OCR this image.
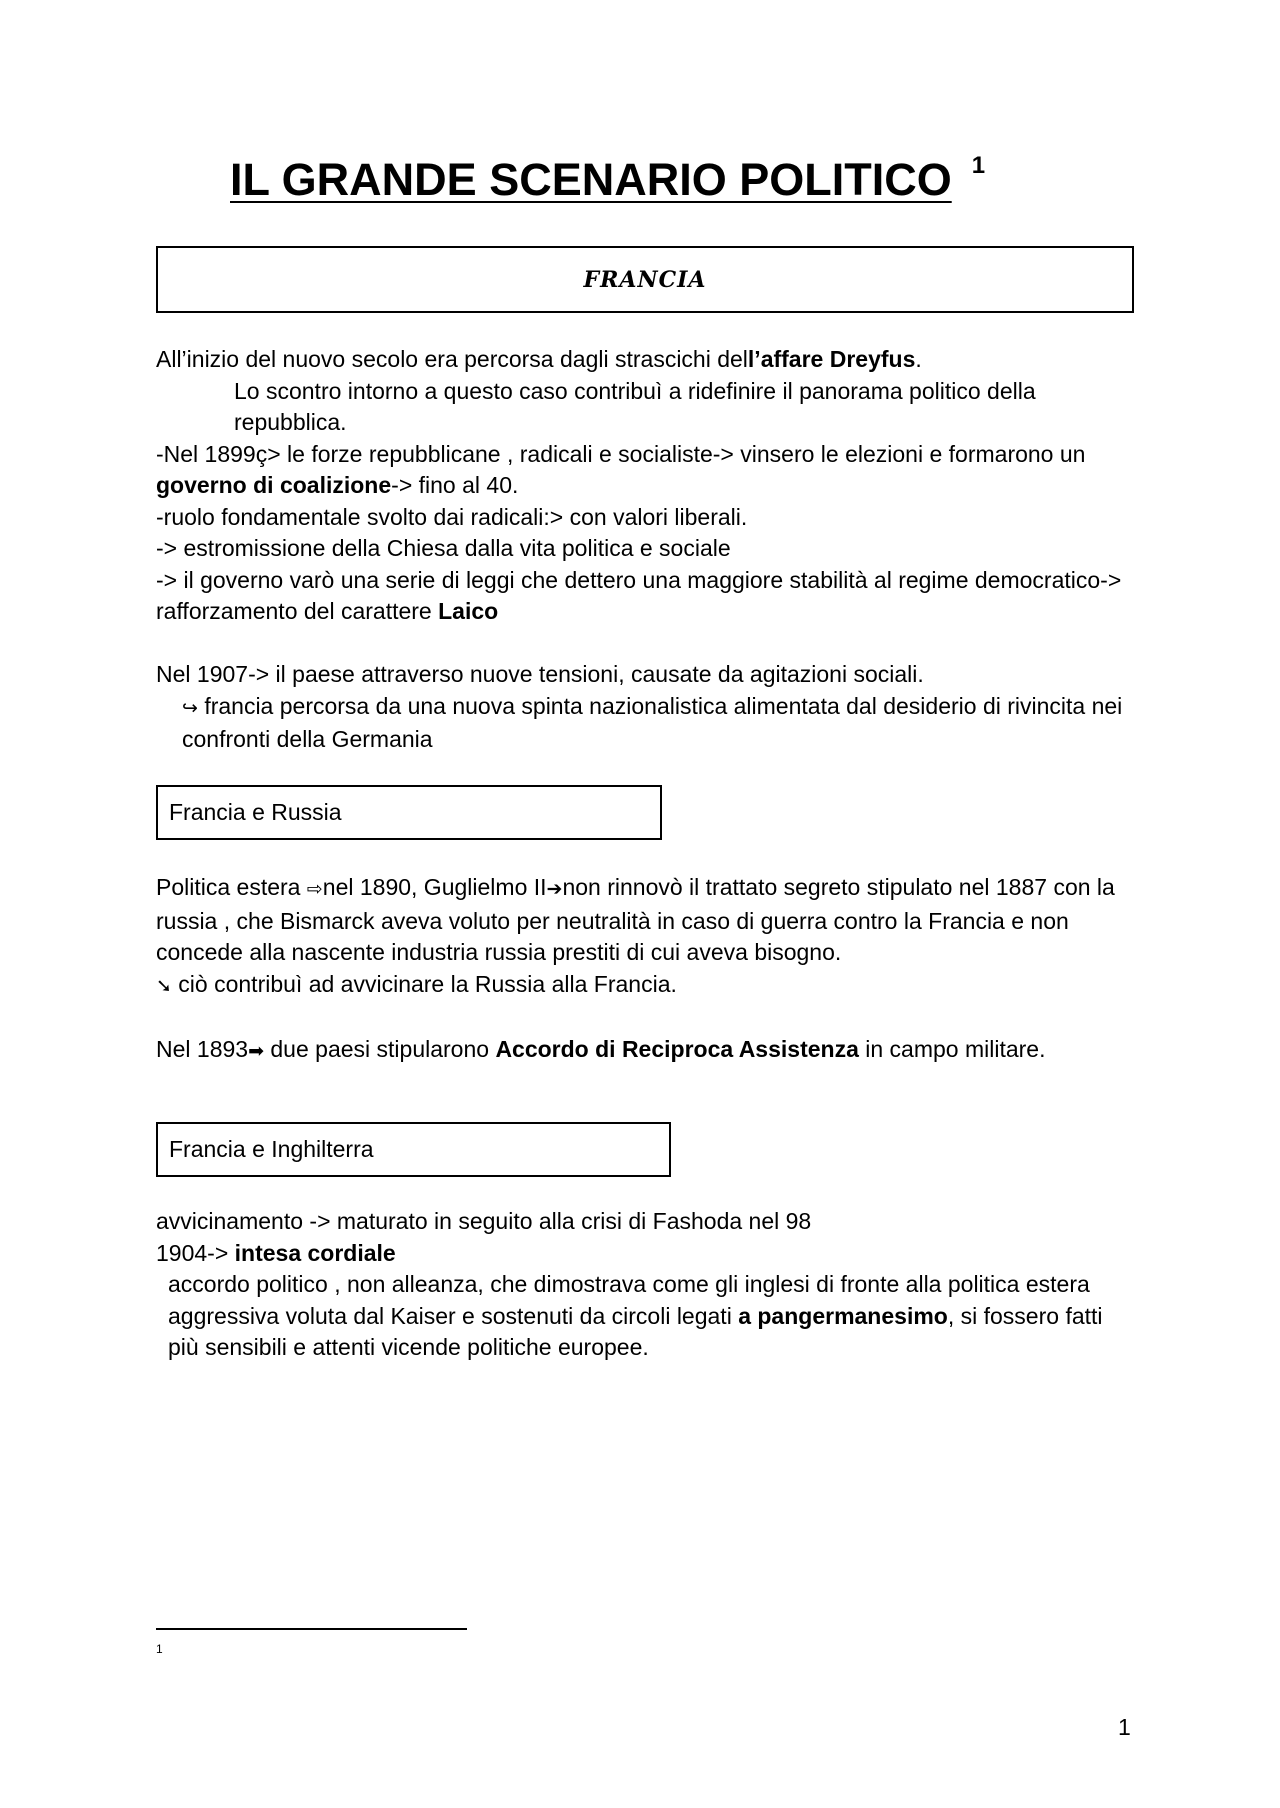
IL GRANDE SCENARIO POLITICO 1
FRANCIA

All’inizio del nuovo secolo era percorsa dagli strascichi dell’affare Dreyfus.

Lo scontro intorno a questo caso contribuì a ridefinire il panorama politico della repubblica.

-Nel 1899ç> le forze repubblicane , radicali e socialiste-> vinsero le elezioni e formarono un governo di coalizione-> fino al 40.

-ruolo fondamentale svolto dai radicali:> con valori liberali.

-> estromissione della Chiesa dalla vita politica e sociale

-> il governo varò una serie di leggi che dettero una maggiore stabilità al regime democratico-> rafforzamento del carattere Laico

Nel 1907-> il paese attraverso nuove tensioni, causate da agitazioni sociali.

↪ francia percorsa da una nuova spinta nazionalistica alimentata dal desiderio di rivincita nei confronti della Germania

Francia e Russia

Politica estera ⇨nel 1890, Guglielmo II➔non rinnovò il trattato segreto stipulato nel 1887 con la russia , che Bismarck aveva voluto per neutralità in caso di guerra contro la Francia e non concede alla nascente industria russia prestiti di cui aveva bisogno.

➘ ciò contribuì ad avvicinare la Russia alla Francia.

Nel 1893➡ due paesi stipularono Accordo di Reciproca Assistenza in campo militare.

Francia e Inghilterra

avvicinamento -> maturato in seguito alla crisi di Fashoda nel 98

1904-> intesa cordiale

accordo politico , non alleanza, che dimostrava come gli inglesi di fronte alla politica estera aggressiva voluta dal Kaiser e sostenuti da circoli legati a pangermanesimo, si fossero fatti più sensibili e attenti vicende politiche europee.

1
1
